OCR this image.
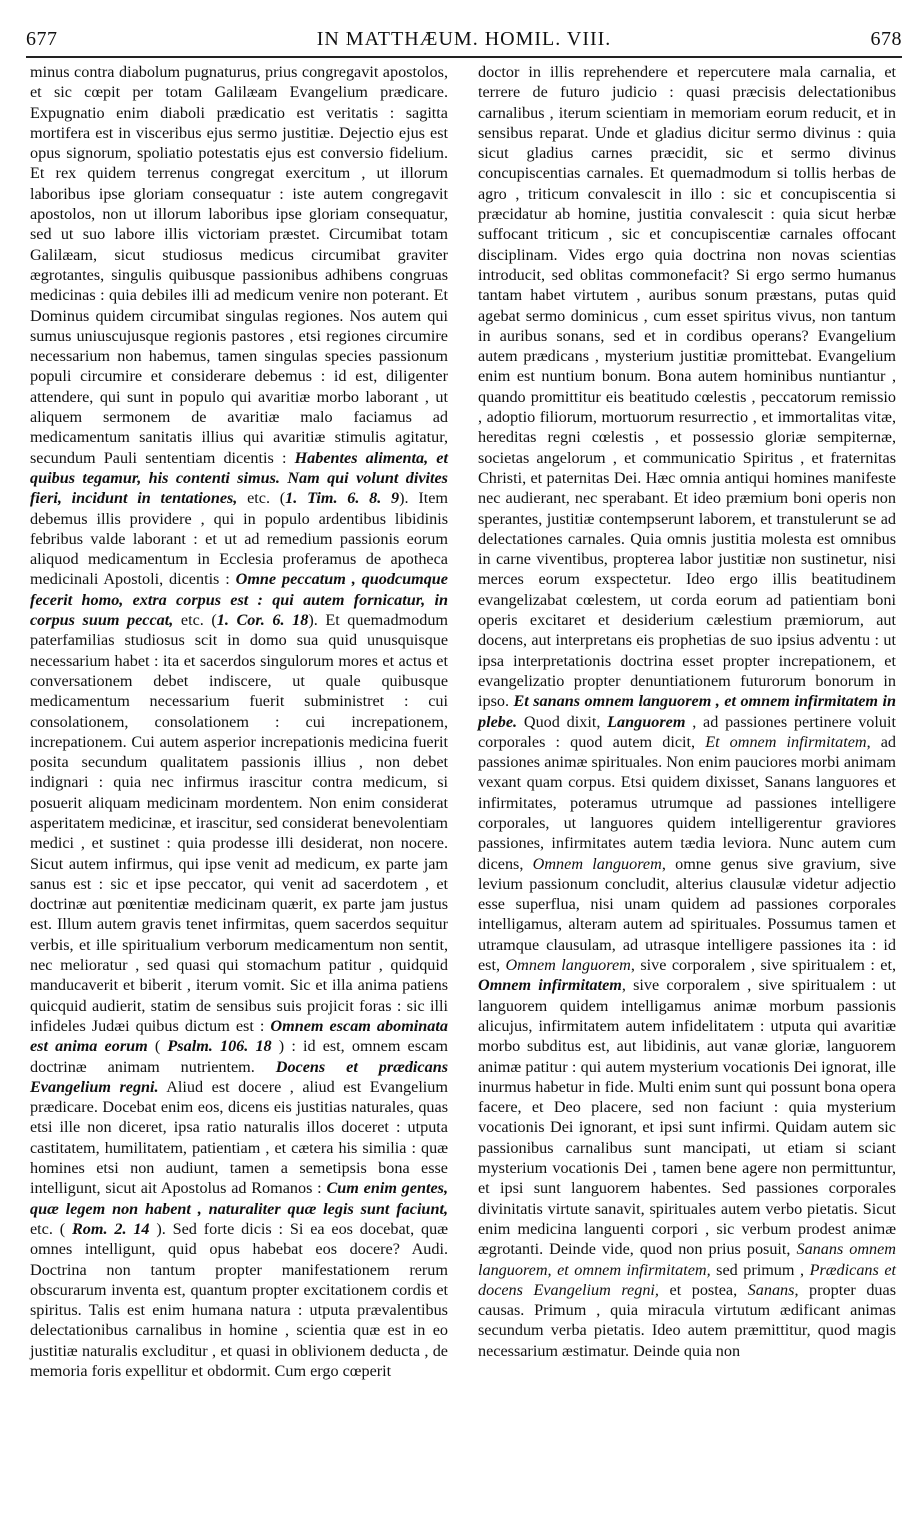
677	IN MATTHÆUM. HOMIL. VIII.	678

minus contra diabolum pugnaturus, prius congregavit apostolos, et sic cœpit per totam Galilæam Evangelium prædicare. Expugnatio enim diaboli prædicatio est veritatis : sagitta mortifera est in visceribus ejus sermo justitiæ. Dejectio ejus est opus signorum, spoliatio potestatis ejus est conversio fidelium. Et rex quidem terrenus congregat exercitum , ut illorum laboribus ipse gloriam consequatur : iste autem congregavit apostolos, non ut illorum laboribus ipse gloriam consequatur, sed ut suo labore illis victoriam præstet. Circumibat totam Galilæam, sicut studiosus medicus circumibat graviter ægrotantes, singulis quibusque passionibus adhibens congruas medicinas : quia debiles illi ad medicum venire non poterant. Et Dominus quidem circumibat singulas regiones. Nos autem qui sumus uniuscujusque regionis pastores , etsi regiones circumire necessarium non habemus, tamen singulas species passionum populi circumire et considerare debemus : id est, diligenter attendere, qui sunt in populo qui avaritiæ morbo laborant , ut aliquem sermonem de avaritiæ malo faciamus ad medicamentum sanitatis illius qui avaritiæ stimulis agitatur, secundum Pauli sententiam dicentis : Habentes alimenta, et quibus tegamur, his contenti simus. Nam qui volunt divites fieri, incidunt in tentationes, etc. (1. Tim. 6. 8. 9). Item debemus illis providere , qui in populo ardentibus libidinis febribus valde laborant : et ut ad remedium passionis eorum aliquod medicamentum in Ecclesia proferamus de apotheca medicinali Apostoli, dicentis : Omne peccatum , quodcumque fecerit homo, extra corpus est : qui autem fornicatur, in corpus suum peccat, etc. (1. Cor. 6. 18). Et quemadmodum paterfamilias studiosus scit in domo sua quid unusquisque necessarium habet : ita et sacerdos singulorum mores et actus et conversationem debet indiscere, ut quale quibusque medicamentum necessarium fuerit subministret : cui consolationem, consolationem : cui increpationem, increpationem. Cui autem asperior increpationis medicina fuerit posita secundum qualitatem passionis illius , non debet indignari : quia nec infirmus irascitur contra medicum, si posuerit aliquam medicinam mordentem. Non enim considerat asperitatem medicinæ, et irascitur, sed considerat benevolentiam medici , et sustinet : quia prodesse illi desiderat, non nocere. Sicut autem infirmus, qui ipse venit ad medicum, ex parte jam sanus est : sic et ipse peccator, qui venit ad sacerdotem , et doctrinæ aut pœnitentiæ medicinam quærit, ex parte jam justus est. Illum autem gravis tenet infirmitas, quem sacerdos sequitur verbis, et ille spiritualium verborum medicamentum non sentit, nec melioratur , sed quasi qui stomachum patitur , quidquid manducaverit et biberit , iterum vomit. Sic et illa anima patiens quicquid audierit, statim de sensibus suis projicit foras : sic illi infideles Judæi quibus dictum est : Omnem escam abominata est anima eorum ( Psalm. 106. 18 ) : id est, omnem escam doctrinæ animam nutrientem. Docens et prædicans Evangelium regni. Aliud est docere , aliud est Evangelium prædicare. Docebat enim eos, dicens eis justitias naturales, quas etsi ille non diceret, ipsa ratio naturalis illos doceret : utputa castitatem, humilitatem, patientiam , et cætera his similia : quæ homines etsi non audiunt, tamen a semetipsis bona esse intelligunt, sicut ait Apostolus ad Romanos : Cum enim gentes, quæ legem non habent , naturaliter quæ legis sunt faciunt, etc. ( Rom. 2. 14 ). Sed forte dicis : Si ea eos docebat, quæ omnes intelligunt, quid opus habebat eos docere? Audi. Doctrina non tantum propter manifestationem rerum obscurarum inventa est, quantum propter excitationem cordis et spiritus. Talis est enim humana natura : utputa prævalentibus delectationibus carnalibus in homine , scientia quæ est in eo justitiæ naturalis excluditur , et quasi in oblivionem deducta , de memoria foris expellitur et obdormit. Cum ergo cœperit

doctor in illis reprehendere et repercutere mala carnalia, et terrere de futuro judicio : quasi præcisis delectationibus carnalibus , iterum scientiam in memoriam eorum reducit, et in sensibus reparat. Unde et gladius dicitur sermo divinus : quia sicut gladius carnes præcidit, sic et sermo divinus concupiscentias carnales. Et quemadmodum si tollis herbas de agro , triticum convalescit in illo : sic et concupiscentia si præcidatur ab homine, justitia convalescit : quia sicut herbæ suffocant triticum , sic et concupiscentiæ carnales offocant disciplinam. Vides ergo quia doctrina non novas scientias introducit, sed oblitas commonefacit? Si ergo sermo humanus tantam habet virtutem , auribus sonum præstans, putas quid agebat sermo dominicus , cum esset spiritus vivus, non tantum in auribus sonans, sed et in cordibus operans? Evangelium autem prædicans , mysterium justitiæ promittebat. Evangelium enim est nuntium bonum. Bona autem hominibus nuntiantur , quando promittitur eis beatitudo cœlestis , peccatorum remissio , adoptio filiorum, mortuorum resurrectio , et immortalitas vitæ, hereditas regni cœlestis , et possessio gloriæ sempiternæ, societas angelorum , et communicatio Spiritus , et fraternitas Christi, et paternitas Dei. Hæc omnia antiqui homines manifeste nec audierant, nec sperabant. Et ideo præmium boni operis non sperantes, justitiæ contempserunt laborem, et transtulerunt se ad delectationes carnales. Quia omnis justitia molesta est omnibus in carne viventibus, propterea labor justitiæ non sustinetur, nisi merces eorum exspectetur. Ideo ergo illis beatitudinem evangelizabat cœlestem, ut corda eorum ad patientiam boni operis excitaret et desiderium cælestium præmiorum, aut docens, aut interpretans eis prophetias de suo ipsius adventu : ut ipsa interpretationis doctrina esset propter increpationem, et evangelizatio propter denuntiationem futurorum bonorum in ipso. Et sanans omnem languorem , et omnem infirmitatem in plebe. Quod dixit, Languorem , ad passiones pertinere voluit corporales : quod autem dicit, Et omnem infirmitatem, ad passiones animæ spirituales. Non enim pauciores morbi animam vexant quam corpus. Etsi quidem dixisset, Sanans languores et infirmitates, poteramus utrumque ad passiones intelligere corporales, ut languores quidem intelligerentur graviores passiones, infirmitates autem tædia leviora. Nunc autem cum dicens, Omnem languorem, omne genus sive gravium, sive levium passionum concludit, alterius clausulæ videtur adjectio esse superflua, nisi unam quidem ad passiones corporales intelligamus, alteram autem ad spirituales. Possumus tamen et utramque clausulam, ad utrasque intelligere passiones ita : id est, Omnem languorem, sive corporalem , sive spiritualem : et, Omnem infirmitatem, sive corporalem , sive spiritualem : ut languorem quidem intelligamus animæ morbum passionis alicujus, infirmitatem autem infidelitatem : utputa qui avaritiæ morbo subditus est, aut libidinis, aut vanæ gloriæ, languorem animæ patitur : qui autem mysterium vocationis Dei ignorat, ille inurmus habetur in fide. Multi enim sunt qui possunt bona opera facere, et Deo placere, sed non faciunt : quia mysterium vocationis Dei ignorant, et ipsi sunt infirmi. Quidam autem sic passionibus carnalibus sunt mancipati, ut etiam si sciant mysterium vocationis Dei , tamen bene agere non permittuntur, et ipsi sunt languorem habentes. Sed passiones corporales divinitatis virtute sanavit, spirituales autem verbo pietatis. Sicut enim medicina languenti corpori , sic verbum prodest animæ ægrotanti. Deinde vide, quod non prius posuit, Sanans omnem languorem, et omnem infirmitatem, sed primum , Prædicans et docens Evangelium regni, et postea, Sanans, propter duas causas. Primum , quia miracula virtutum ædificant animas secundum verba pietatis. Ideo autem præmittitur, quod magis necessarium æstimatur. Deinde quia non
